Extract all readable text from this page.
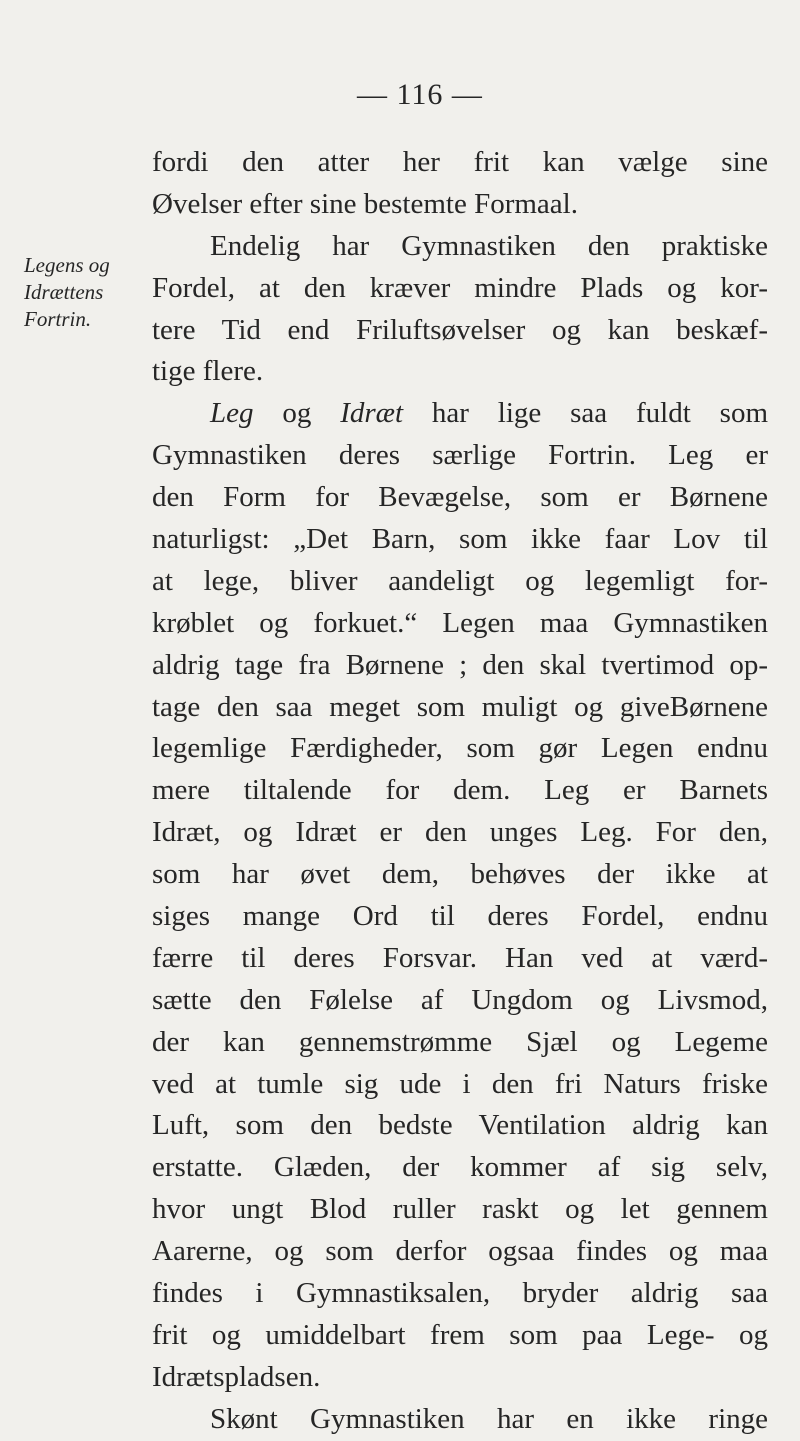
— 116 —
Legens og
Idrættens
Fortrin.
fordi den atter her frit kan vælge sine
Øvelser efter sine bestemte Formaal.
Endelig har Gymnastiken den praktiske
Fordel, at den kræver mindre Plads og kor-
tere Tid end Friluftsøvelser og kan beskæf-
tige flere.
Leg og Idræt har lige saa fuldt som
Gymnastiken deres særlige Fortrin. Leg er
den Form for Bevægelse, som er Børnene
naturligst: „Det Barn, som ikke faar Lov til
at lege, bliver aandeligt og legemligt for-
krøblet og forkuet.“ Legen maa Gymnastiken
aldrig tage fra Børnene ; den skal tvertimod op-
tage den saa meget som muligt og giveBørnene
legemlige Færdigheder, som gør Legen endnu
mere tiltalende for dem. Leg er Barnets
Idræt, og Idræt er den unges Leg. For den,
som har øvet dem, behøves der ikke at
siges mange Ord til deres Fordel, endnu
færre til deres Forsvar. Han ved at værd-
sætte den Følelse af Ungdom og Livsmod,
der kan gennemstrømme Sjæl og Legeme
ved at tumle sig ude i den fri Naturs friske
Luft, som den bedste Ventilation aldrig kan
erstatte. Glæden, der kommer af sig selv,
hvor ungt Blod ruller raskt og let gennem
Aarerne, og som derfor ogsaa findes og maa
findes i Gymnastiksalen, bryder aldrig saa
frit og umiddelbart frem som paa Lege- og
Idrætspladsen.
Skønt Gymnastiken har en ikke ringe
